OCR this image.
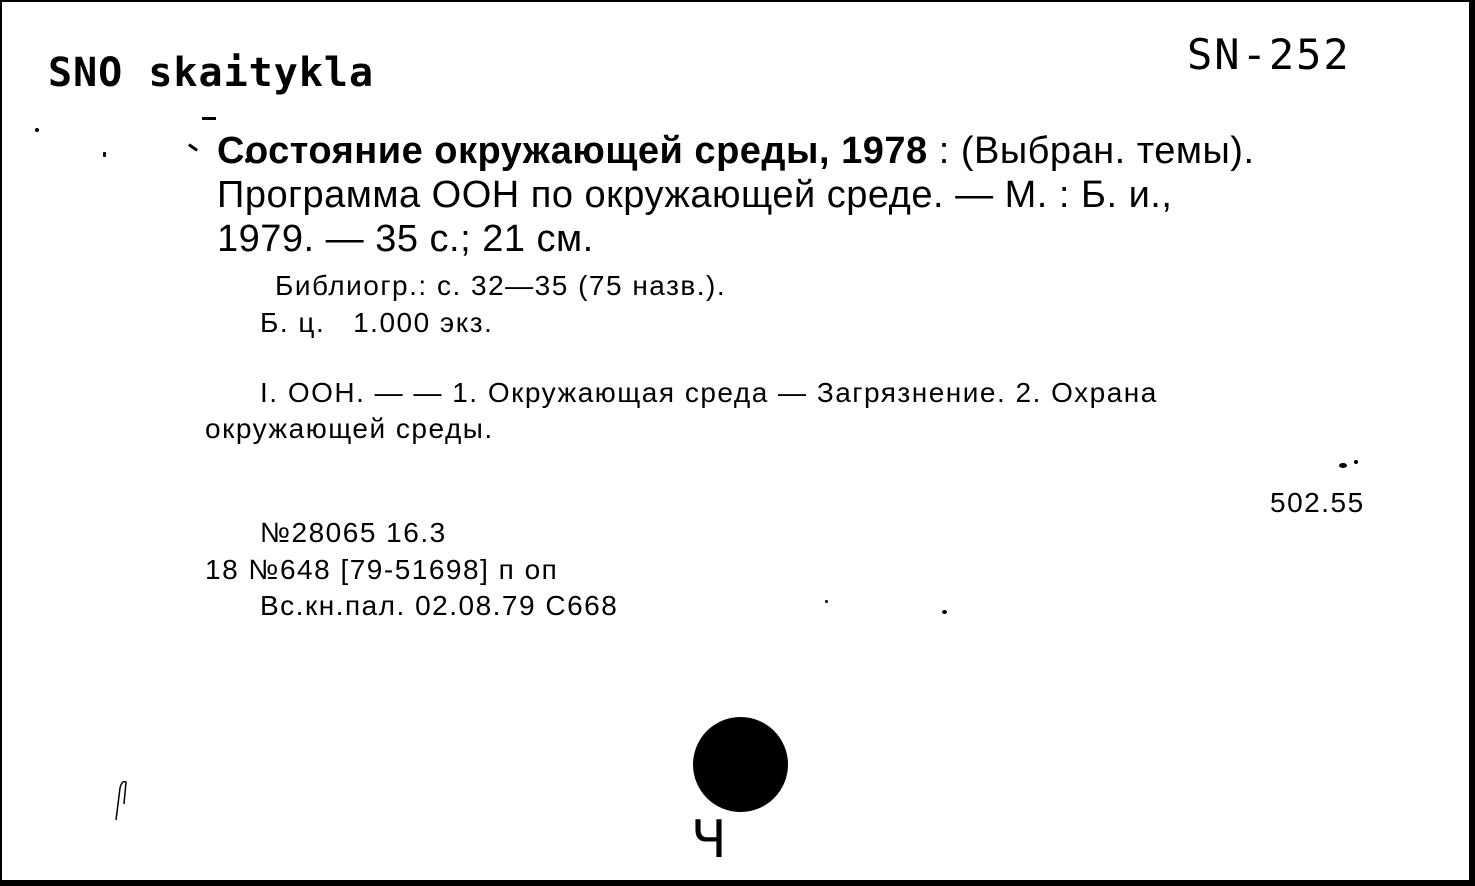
SNO skaitykla	SN-252
Состояние окружающей среды, 1978 : (Выбран. темы).
Программа ООН по окружающей среде. — М. : Б. и.,
1979. — 35 с.; 21 см.
Библиогр.: с. 32—35 (75 назв.).
Б. ц.   1.000 экз.
I. ООН. — — 1. Окружающая среда — Загрязнение. 2. Охрана
окружающей среды.
502.55
№28065 16.3
18 №648 [79-51698] п оп
Вс.кн.пал. 02.08.79 С668
Ч
